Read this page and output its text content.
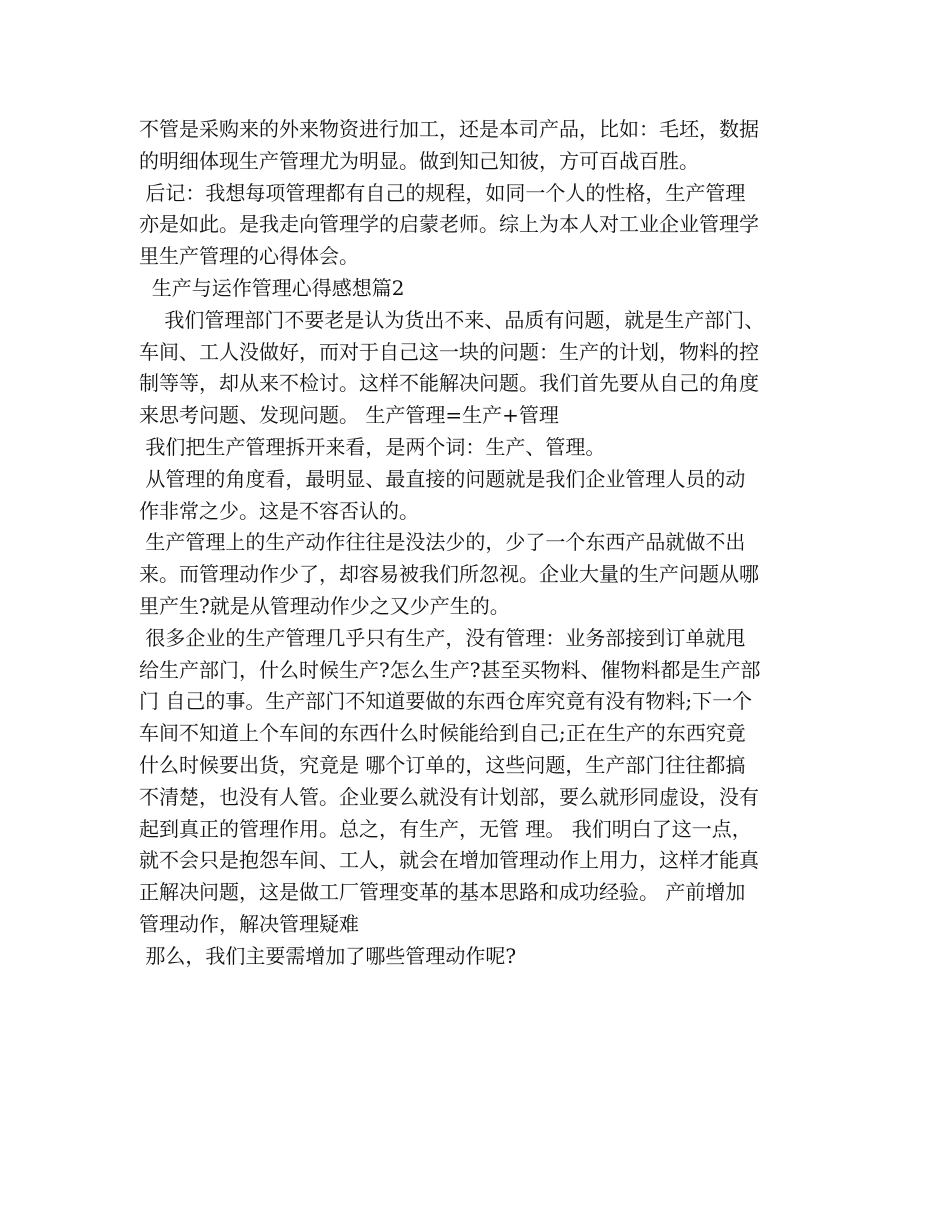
不管是采购来的外来物资进行加工，还是本司产品，比如：毛坯，数据
的明细体现生产管理尤为明显。做到知己知彼，方可百战百胜。
后记：我想每项管理都有自己的规程，如同一个人的性格，生产管理
亦是如此。是我走向管理学的启蒙老师。综上为本人对工业企业管理学
里生产管理的心得体会。
生产与运作管理心得感想篇2
我们管理部门不要老是认为货出不来、品质有问题，就是生产部门、
车间、工人没做好，而对于自己这一块的问题：生产的计划，物料的控
制等等，却从来不检讨。这样不能解决问题。我们首先要从自己的角度
来思考问题、发现问题。 生产管理=生产+管理
我们把生产管理拆开来看，是两个词：生产、管理。
从管理的角度看，最明显、最直接的问题就是我们企业管理人员的动
作非常之少。这是不容否认的。
生产管理上的生产动作往往是没法少的，少了一个东西产品就做不出
来。而管理动作少了，却容易被我们所忽视。企业大量的生产问题从哪
里产生?就是从管理动作少之又少产生的。
很多企业的生产管理几乎只有生产，没有管理：业务部接到订单就甩
给生产部门，什么时候生产?怎么生产?甚至买物料、催物料都是生产部
门 自己的事。生产部门不知道要做的东西仓库究竟有没有物料;下一个
车间不知道上个车间的东西什么时候能给到自己;正在生产的东西究竟
什么时候要出货，究竟是 哪个订单的，这些问题，生产部门往往都搞
不清楚，也没有人管。企业要么就没有计划部，要么就形同虚设，没有
起到真正的管理作用。总之，有生产，无管 理。 我们明白了这一点，
就不会只是抱怨车间、工人，就会在增加管理动作上用力，这样才能真
正解决问题，这是做工厂管理变革的基本思路和成功经验。 产前增加
管理动作，解决管理疑难
那么，我们主要需增加了哪些管理动作呢?
